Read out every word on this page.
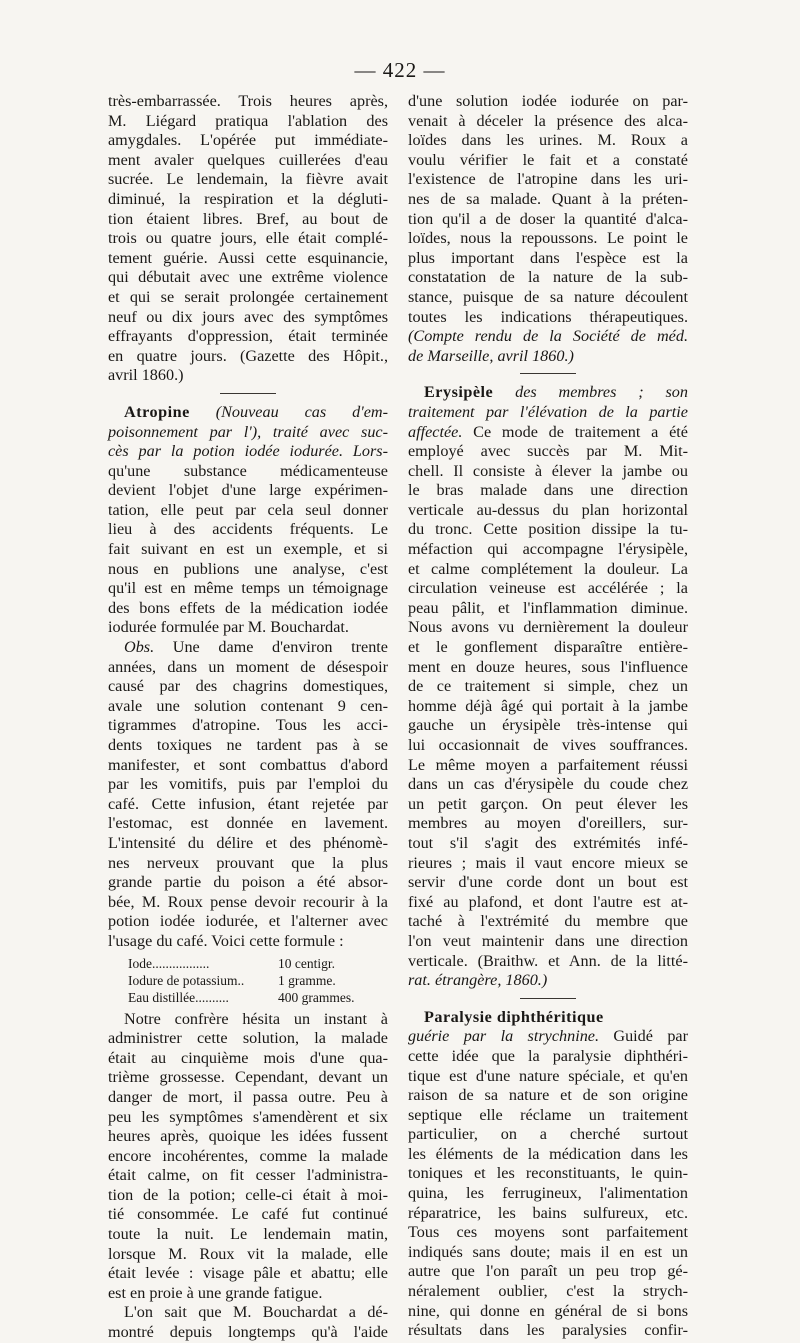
— 422 —
très-embarrassée. Trois heures après,
M. Liégard pratiqua l'ablation des
amygdales. L'opérée put immédiate-
ment avaler quelques cuillerées d'eau
sucrée. Le lendemain, la fièvre avait
diminué, la respiration et la dégluti-
tion étaient libres. Bref, au bout de
trois ou quatre jours, elle était complé-
tement guérie. Aussi cette esquinancie,
qui débutait avec une extrême violence
et qui se serait prolongée certainement
neuf ou dix jours avec des symptômes
effrayants d'oppression, était terminée
en quatre jours. (Gazette des Hôpit.,
avril 1860.)
Atropine (Nouveau cas d'em-
poisonnement par l'), traité avec suc-
cès par la potion iodée iodurée. Lors-
qu'une substance médicamenteuse
devient l'objet d'une large expérimen-
tation, elle peut par cela seul donner
lieu à des accidents fréquents. Le
fait suivant en est un exemple, et si
nous en publions une analyse, c'est
qu'il est en même temps un témoignage
des bons effets de la médication iodée
iodurée formulée par M. Bouchardat.
Obs. Une dame d'environ trente
années, dans un moment de désespoir
causé par des chagrins domestiques,
avale une solution contenant 9 cen-
tigrammes d'atropine. Tous les acci-
dents toxiques ne tardent pas à se
manifester, et sont combattus d'abord
par les vomitifs, puis par l'emploi du
café. Cette infusion, étant rejetée par
l'estomac, est donnée en lavement.
L'intensité du délire et des phénomè-
nes nerveux prouvant que la plus
grande partie du poison a été absor-
bée, M. Roux pense devoir recourir à la
potion iodée iodurée, et l'alterner avec
l'usage du café. Voici cette formule :
Iode.................	10 centigr.
Iodure de potassium..	1 gramme.
Eau distillée..........	400 grammes.
Notre confrère hésita un instant à
administrer cette solution, la malade
était au cinquième mois d'une qua-
trième grossesse. Cependant, devant un
danger de mort, il passa outre. Peu à
peu les symptômes s'amendèrent et six
heures après, quoique les idées fussent
encore incohérentes, comme la malade
était calme, on fit cesser l'administra-
tion de la potion; celle-ci était à moi-
tié consommée. Le café fut continué
toute la nuit. Le lendemain matin,
lorsque M. Roux vit la malade, elle
était levée : visage pâle et abattu; elle
est en proie à une grande fatigue.
L'on sait que M. Bouchardat a dé-
montré depuis longtemps qu'à l'aide
d'une solution iodée iodurée on par-
venait à déceler la présence des alca-
loïdes dans les urines. M. Roux a
voulu vérifier le fait et a constaté
l'existence de l'atropine dans les uri-
nes de sa malade. Quant à la préten-
tion qu'il a de doser la quantité d'alca-
loïdes, nous la repoussons. Le point le
plus important dans l'espèce est la
constatation de la nature de la sub-
stance, puisque de sa nature découlent
toutes les indications thérapeutiques.
(Compte rendu de la Société de méd.
de Marseille, avril 1860.)
Erysipèle des membres ; son
traitement par l'élévation de la partie
affectée. Ce mode de traitement a été
employé avec succès par M. Mit-
chell. Il consiste à élever la jambe ou
le bras malade dans une direction
verticale au-dessus du plan horizontal
du tronc. Cette position dissipe la tu-
méfaction qui accompagne l'érysipèle,
et calme complétement la douleur. La
circulation veineuse est accélérée ; la
peau pâlit, et l'inflammation diminue.
Nous avons vu dernièrement la douleur
et le gonflement disparaître entière-
ment en douze heures, sous l'influence
de ce traitement si simple, chez un
homme déjà âgé qui portait à la jambe
gauche un érysipèle très-intense qui
lui occasionnait de vives souffrances.
Le même moyen a parfaitement réussi
dans un cas d'érysipèle du coude chez
un petit garçon. On peut élever les
membres au moyen d'oreillers, sur-
tout s'il s'agit des extrémités infé-
rieures ; mais il vaut encore mieux se
servir d'une corde dont un bout est
fixé au plafond, et dont l'autre est at-
taché à l'extrémité du membre que
l'on veut maintenir dans une direction
verticale. (Braithw. et Ann. de la litté-
rat. étrangère, 1860.)
Paralysie diphthéritique
guérie par la strychnine. Guidé par
cette idée que la paralysie diphthéri-
tique est d'une nature spéciale, et qu'en
raison de sa nature et de son origine
septique elle réclame un traitement
particulier, on a cherché surtout
les éléments de la médication dans les
toniques et les reconstituants, le quin-
quina, les ferrugineux, l'alimentation
réparatrice, les bains sulfureux, etc.
Tous ces moyens sont parfaitement
indiqués sans doute; mais il en est un
autre que l'on paraît un peu trop gé-
néralement oublier, c'est la strych-
nine, qui donne en général de si bons
résultats dans les paralysies confir-
